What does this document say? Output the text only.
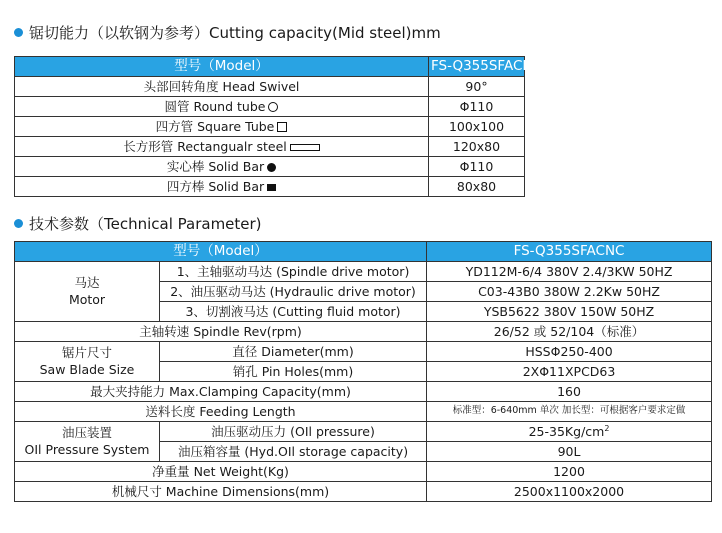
锯切能力（以软钢为参考）Cutting capacity(Mid steel)mm
型号（Model）	FS-Q355SFACNC
头部回转角度 Head Swivel	90°
圆管 Round tube	Φ110
四方管 Square Tube	100x100
长方形管 Rectangualr steel	120x80
实心棒 Solid Bar	Φ110
四方棒 Solid Bar	80x80
技术参数（Technical Parameter)
型号（Model）		FS-Q355SFACNC

马达
Motor	1、主轴驱动马达 (Spindle drive motor)	YD112M-6/4 380V 2.4/3KW 50HZ
	2、油压驱动马达 (Hydraulic drive motor)	C03-43B0 380W 2.2Kw 50HZ
	3、切割液马达 (Cutting fluid motor)	YSB5622 380V 150W 50HZ
主轴转速 Spindle Rev(rpm)		26/52 或 52/104（标准）

锯片尺寸
Saw Blade Size	直径 Diameter(mm)	HSSΦ250-400
	销孔 Pin Holes(mm)	2XΦ11XPCD63
最大夹持能力 Max.Clamping Capacity(mm)		160
送料长度 Feeding Length		标准型：6-640mm 单次 加长型：可根据客户要求定做

油压装置
OIl Pressure System	油压驱动压力 (OIl pressure)	$25-35Kg/cm^2$
	油压箱容量 (Hyd.OIl storage capacity)	90L
净重量 Net Weight(Kg)		1200
机械尺寸 Machine Dimensions(mm)		2500x1100x2000
